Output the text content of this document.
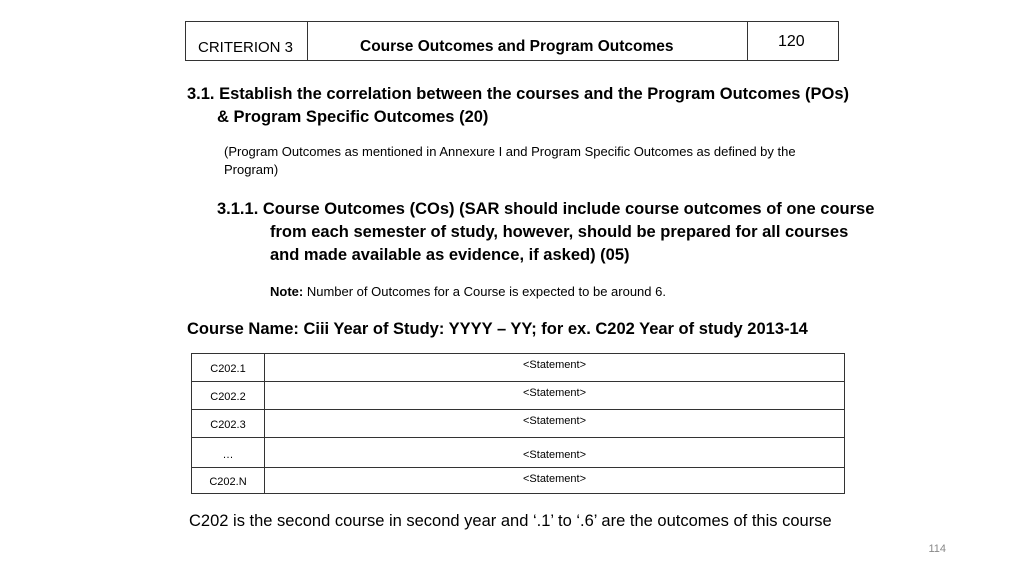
CRITERION 3	Course Outcomes and Program Outcomes	120
3.1. Establish the correlation between the courses and the Program Outcomes (POs)
& Program Specific Outcomes (20)
(Program Outcomes as mentioned in Annexure I and Program Specific Outcomes as defined by the
Program)
3.1.1. Course Outcomes (COs) (SAR should include course outcomes of one course
from each semester of study, however, should be prepared for all courses
and made available as evidence, if asked) (05)
Note: Number of Outcomes for a Course is expected to be around 6.
Course Name: Ciii Year of Study: YYYY – YY; for ex. C202 Year of study 2013-14
C202.1	<Statement>
C202.2	<Statement>
C202.3	<Statement>
…	<Statement>
C202.N	<Statement>
C202 is the second course in second year and ‘.1’ to ‘.6’ are the outcomes of this course
114
